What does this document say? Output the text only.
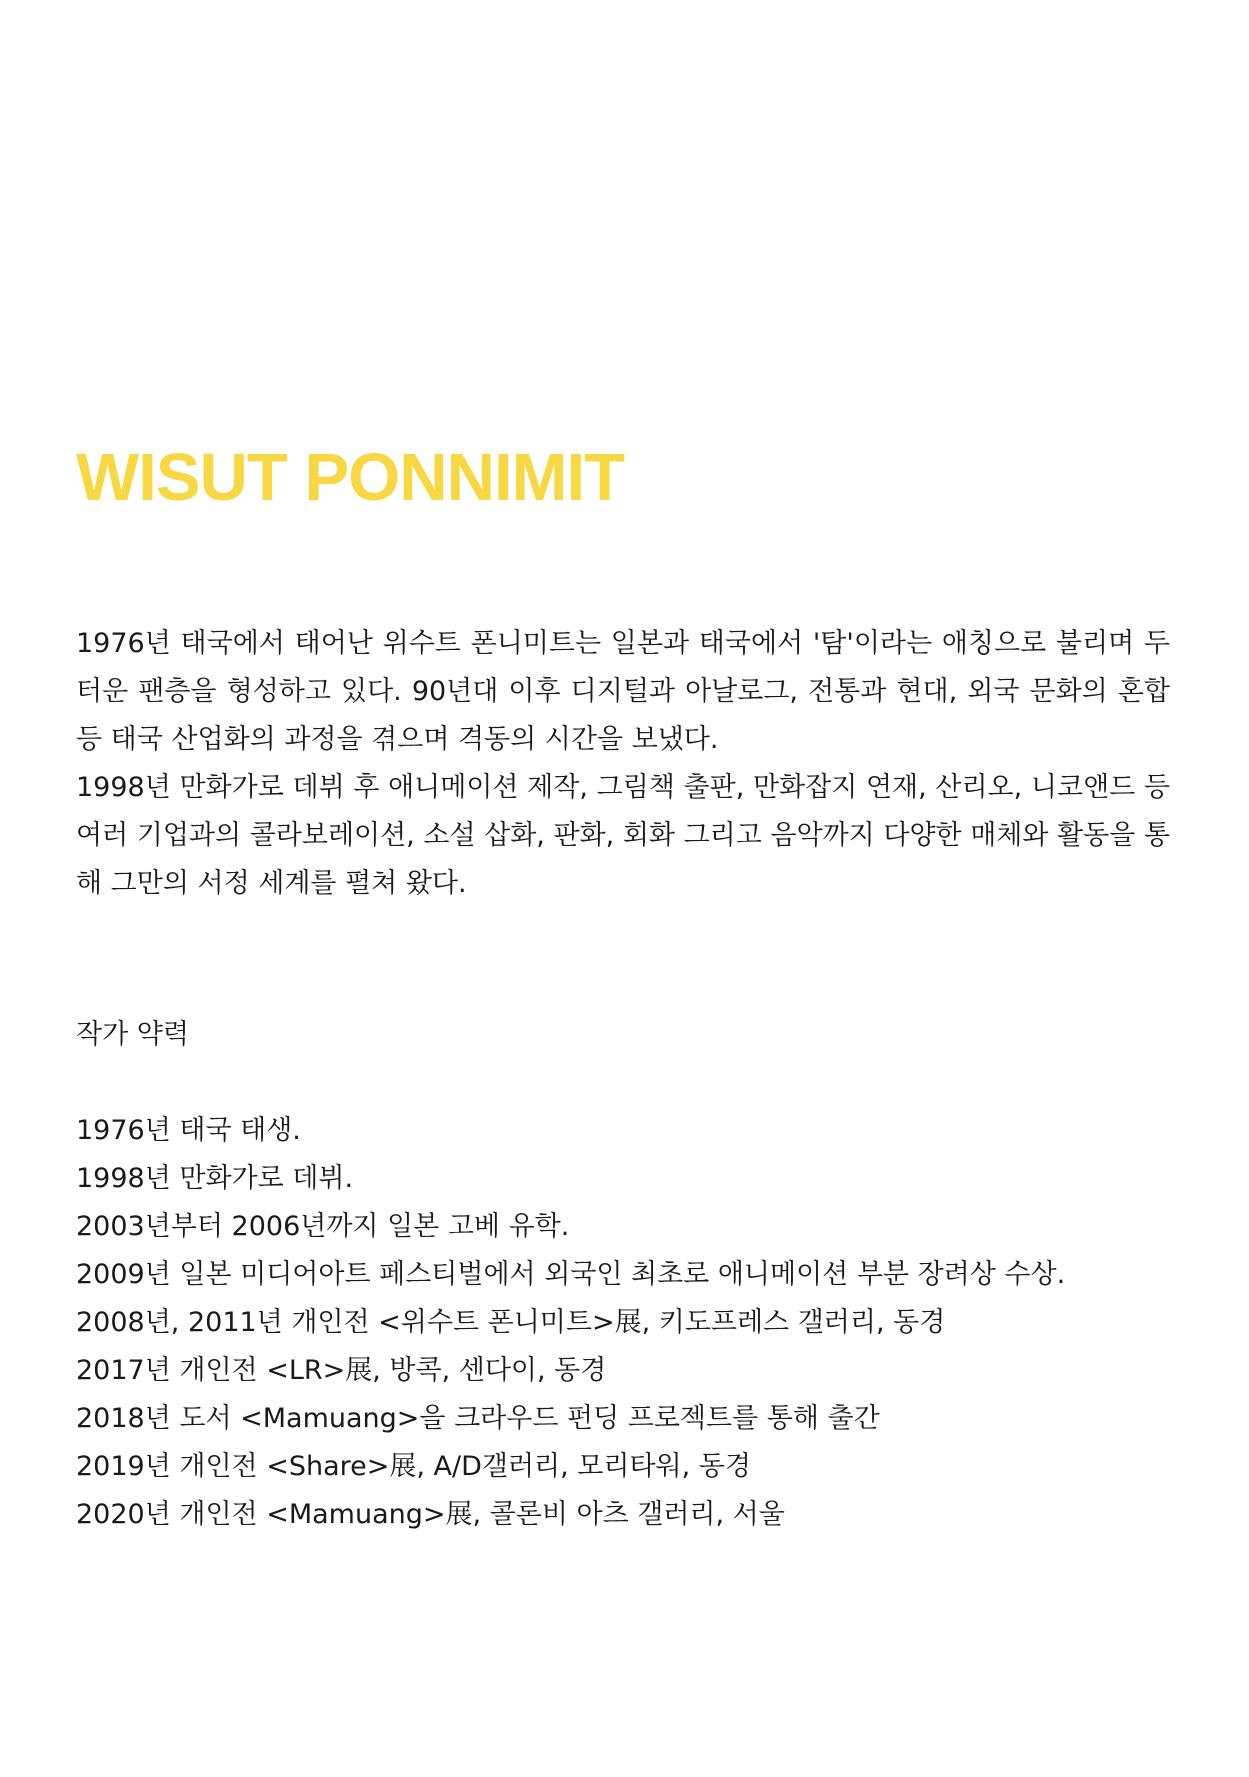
WISUT PONNIMIT

1976년 태국에서 태어난 위수트 폰니미트는 일본과 태국에서 '탐'이라는 애칭으로 불리며 두터운 팬층을 형성하고 있다. 90년대 이후 디지털과 아날로그, 전통과 현대, 외국 문화의 혼합 등 태국 산업화의 과정을 겪으며 격동의 시간을 보냈다.

1998년 만화가로 데뷔 후 애니메이션 제작, 그림책 출판, 만화잡지 연재, 산리오, 니코앤드 등 여러 기업과의 콜라보레이션, 소설 삽화, 판화, 회화 그리고 음악까지 다양한 매체와 활동을 통해 그만의 서정 세계를 펼쳐 왔다.

작가 약력
1976년 태국 태생.
1998년 만화가로 데뷔.
2003년부터 2006년까지 일본 고베 유학.
2009년 일본 미디어아트 페스티벌에서 외국인 최초로 애니메이션 부분 장려상 수상.
2008년, 2011년 개인전 <위수트 폰니미트>展, 키도프레스 갤러리, 동경
2017년 개인전 <LR>展, 방콕, 센다이, 동경
2018년 도서 <Mamuang>을 크라우드 펀딩 프로젝트를 통해 출간
2019년 개인전 <Share>展, A/D갤러리, 모리타워, 동경
2020년 개인전 <Mamuang>展, 콜론비 아츠 갤러리, 서울
